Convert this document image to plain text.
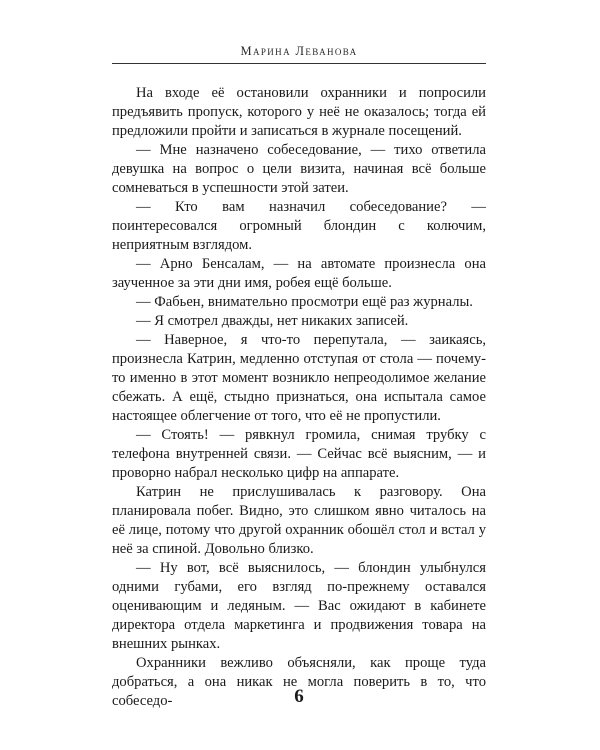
Марина Леванова

На входе её остановили охранники и попросили предъявить пропуск, которого у неё не оказалось; тогда ей предложили пройти и записаться в журнале посещений.

— Мне назначено собеседование, — тихо ответила девушка на вопрос о цели визита, начиная всё больше сомневаться в успешности этой затеи.

— Кто вам назначил собеседование? — поинтересовался огромный блондин с колючим, неприятным взглядом.

— Арно Бенсалам, — на автомате произнесла она заученное за эти дни имя, робея ещё больше.

— Фабьен, внимательно просмотри ещё раз журналы.

— Я смотрел дважды, нет никаких записей.

— Наверное, я что-то перепутала, — заикаясь, произнесла Катрин, медленно отступая от стола — почему-то именно в этот момент возникло непреодолимое желание сбежать. А ещё, стыдно признаться, она испытала самое настоящее облегчение от того, что её не пропустили.

— Стоять! — рявкнул громила, снимая трубку с телефона внутренней связи. — Сейчас всё выясним, — и проворно набрал несколько цифр на аппарате.

Катрин не прислушивалась к разговору. Она планировала побег. Видно, это слишком явно читалось на её лице, потому что другой охранник обошёл стол и встал у неё за спиной. Довольно близко.

— Ну вот, всё выяснилось, — блондин улыбнулся одними губами, его взгляд по-прежнему оставался оценивающим и ледяным. — Вас ожидают в кабинете директора отдела маркетинга и продвижения товара на внешних рынках.

Охранники вежливо объясняли, как проще туда добраться, а она никак не могла поверить в то, что собеседо-	6
